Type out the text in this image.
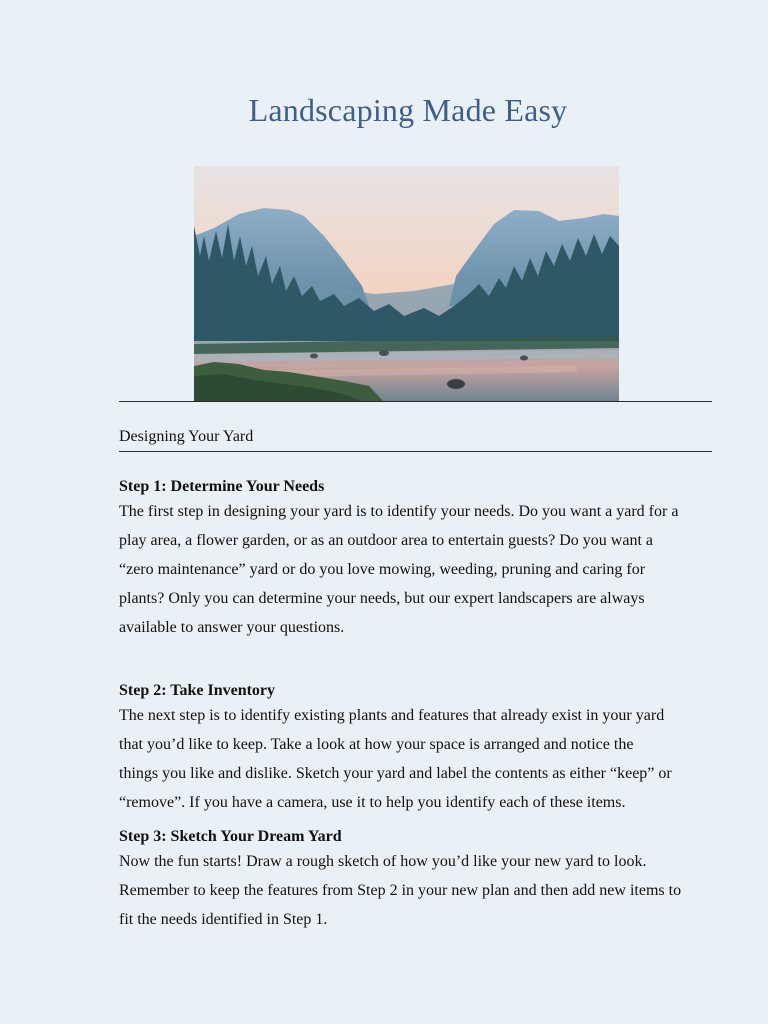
Landscaping Made Easy
Designing Your Yard

Step 1: Determine Your Needs

The first step in designing your yard is to identify your needs. Do you want a yard for a
play area, a flower garden, or as an outdoor area to entertain guests? Do you want a
“zero maintenance” yard or do you love mowing, weeding, pruning and caring for
plants? Only you can determine your needs, but our expert landscapers are always
available to answer your questions.

Step 2: Take Inventory

The next step is to identify existing plants and features that already exist in your yard
that you’d like to keep. Take a look at how your space is arranged and notice the
things you like and dislike. Sketch your yard and label the contents as either “keep” or
“remove”. If you have a camera, use it to help you identify each of these items.

Step 3: Sketch Your Dream Yard

Now the fun starts! Draw a rough sketch of how you’d like your new yard to look.
Remember to keep the features from Step 2 in your new plan and then add new items to
fit the needs identified in Step 1.
